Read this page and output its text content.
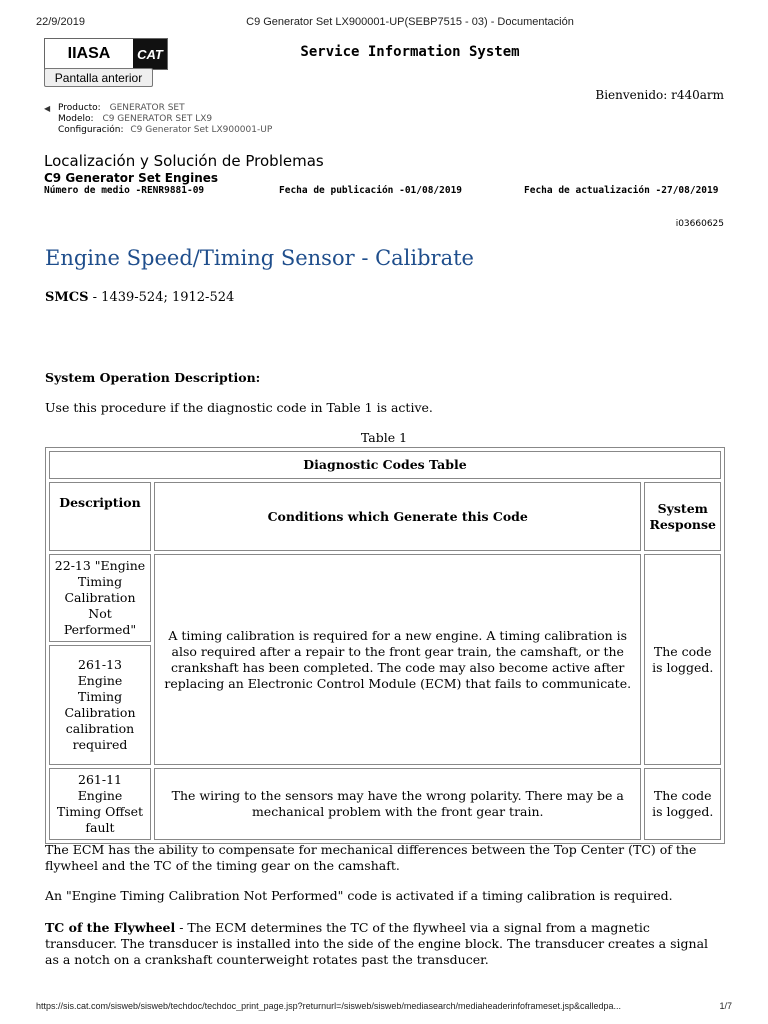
22/9/2019	C9 Generator Set LX900001-UP(SEBP7515 - 03) - Documentación
IIASA	CAT
Pantalla anterior
Service Information System
Bienvenido: r440arm
◀ Producto: GENERATOR SET
Modelo: C9 GENERATOR SET LX9
Configuración: C9 Generator Set LX900001-UP
Localización y Solución de Problemas
C9 Generator Set Engines
Número de medio -RENR9881-09	Fecha de publicación -01/08/2019	Fecha de actualización -27/08/2019
i03660625
Engine Speed/Timing Sensor - Calibrate
SMCS - 1439-524; 1912-524
System Operation Description:
Use this procedure if the diagnostic code in Table 1 is active.
Table 1
Diagnostic Codes Table		
Description	Conditions which Generate this Code	System Response
22-13 "Engine Timing Calibration Not Performed"	A timing calibration is required for a new engine. A timing calibration is also required after a repair to the front gear train, the camshaft, or the crankshaft has been completed. The code may also become active after replacing an Electronic Control Module (ECM) that fails to communicate.	The code is logged.
261-13 Engine Timing Calibration calibration required		
261-11 Engine Timing Offset fault	The wiring to the sensors may have the wrong polarity. There may be a mechanical problem with the front gear train.	The code is logged.
The ECM has the ability to compensate for mechanical differences between the Top Center (TC) of the flywheel and the TC of the timing gear on the camshaft.
An "Engine Timing Calibration Not Performed" code is activated if a timing calibration is required.
TC of the Flywheel - The ECM determines the TC of the flywheel via a signal from a magnetic transducer. The transducer is installed into the side of the engine block. The transducer creates a signal as a notch on a crankshaft counterweight rotates past the transducer.
https://sis.cat.com/sisweb/sisweb/techdoc/techdoc_print_page.jsp?returnurl=/sisweb/sisweb/mediasearch/mediaheaderinfoframeset.jsp&calledpa...	1/7
